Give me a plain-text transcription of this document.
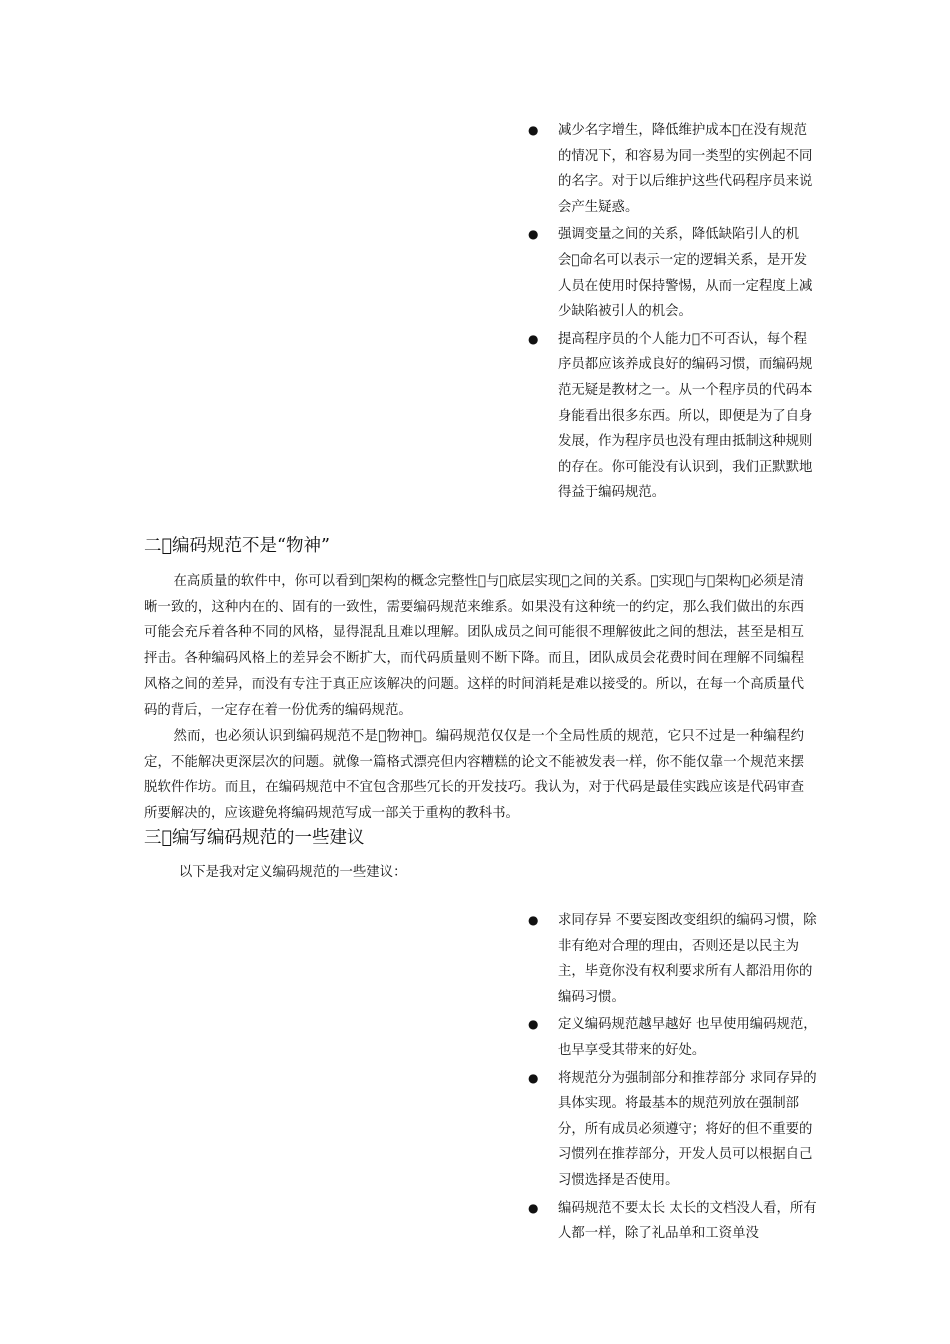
● 减少名字增生，降低维护成本 在没有规范的情况下，和容易为同一类型的实例起不同的名字。对于以后维护这些代码程序员来说会产生疑惑。
● 强调变量之间的关系，降低缺陷引人的机会 命名可以表示一定的逻辑关系，是开发人员在使用时保持警惕，从而一定程度上减少缺陷被引人的机会。
● 提高程序员的个人能力 不可否认，每个程序员都应该养成良好的编码习惯，而编码规范无疑是教材之一。从一个程序员的代码本身能看出很多东西。所以，即便是为了自身发展，作为程序员也没有理由抵制这种规则的存在。你可能没有认识到，我们正默默地得益于编码规范。
二 编码规范不是“物神”

在高质量的软件中，你可以看到 架构的概念完整性 与 底层实现 之间的关系。 实现 与 架构 必须是清晰一致的，这种内在的、固有的一致性，需要编码规范来维系。如果没有这种统一的约定，那么我们做出的东西可能会充斥着各种不同的风格，显得混乱且难以理解。团队成员之间可能很不理解彼此之间的想法，甚至是相互抨击。各种编码风格上的差异会不断扩大，而代码质量则不断下降。而且，团队成员会花费时间在理解不同编程风格之间的差异，而没有专注于真正应该解决的问题。这样的时间消耗是难以接受的。所以，在每一个高质量代码的背后，一定存在着一份优秀的编码规范。

然而，也必须认识到编码规范不是 物神 。编码规范仅仅是一个全局性质的规范，它只不过是一种编程约定，不能解决更深层次的问题。就像一篇格式漂亮但内容糟糕的论文不能被发表一样，你不能仅靠一个规范来摆脱软件作坊。而且，在编码规范中不宜包含那些冗长的开发技巧。我认为，对于代码是最佳实践应该是代码审查所要解决的，应该避免将编码规范写成一部关于重构的教科书。

三 编写编码规范的一些建议

以下是我对定义编码规范的一些建议：

● 求同存异 不要妄图改变组织的编码习惯，除非有绝对合理的理由，否则还是以民主为主，毕竟你没有权利要求所有人都沿用你的编码习惯。
● 定义编码规范越早越好 也早使用编码规范，也早享受其带来的好处。
● 将规范分为强制部分和推荐部分 求同存异的具体实现。将最基本的规范列放在强制部分，所有成员必须遵守；将好的但不重要的习惯列在推荐部分，开发人员可以根据自己习惯选择是否使用。
● 编码规范不要太长 太长的文档没人看，所有人都一样，除了礼品单和工资单没
